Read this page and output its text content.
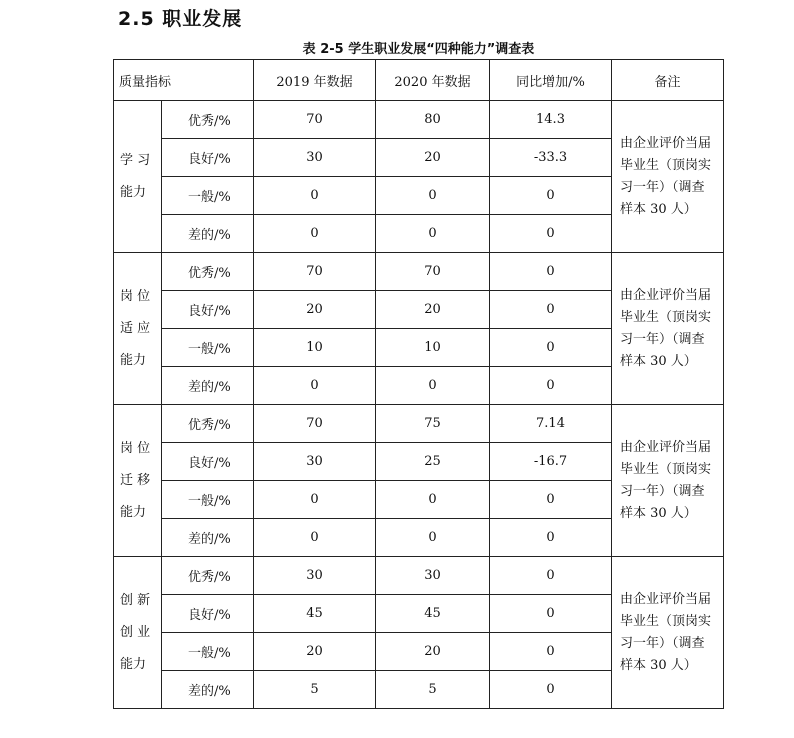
2.5 职业发展
表 2-5 学生职业发展“四种能力”调查表
质量指标		2019 年数据	2020 年数据	同比增加/%	备注

学 习
能力	优秀/%	70	80	14.3	由企业评价当届毕业生（顶岗实习一年）（调查样本 30 人）
	良好/%	30	20	-33.3	
	一般/%	0	0	0	
	差的/%	0	0	0	

岗 位
适 应
能力	优秀/%	70	70	0	由企业评价当届毕业生（顶岗实习一年）（调查样本 30 人）
	良好/%	20	20	0	
	一般/%	10	10	0	
	差的/%	0	0	0	

岗 位
迁 移
能力	优秀/%	70	75	7.14	由企业评价当届毕业生（顶岗实习一年）（调查样本 30 人）
	良好/%	30	25	-16.7	
	一般/%	0	0	0	
	差的/%	0	0	0	

创 新
创 业
能力	优秀/%	30	30	0	由企业评价当届毕业生（顶岗实习一年）（调查样本 30 人）
	良好/%	45	45	0	
	一般/%	20	20	0	
	差的/%	5	5	0	
